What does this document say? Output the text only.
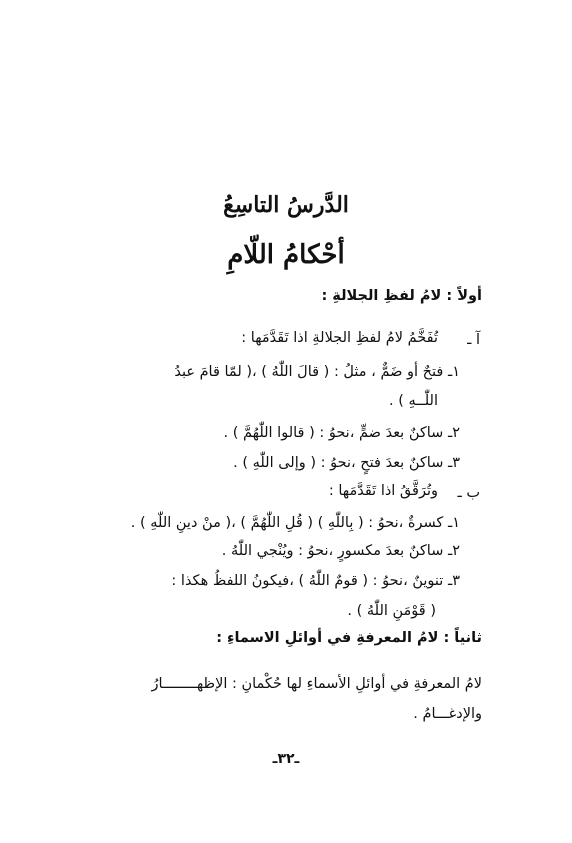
الدَّرسُ التاسِعُ
أحْكامُ اللّامِ
أولاً : لامُ لفظِ الجلالةِ :
آ ـ
تُفَخَّمُ لامُ لفظِ الجلالةِ اذا تَقَدَّمَها :
١ـ فتحٌ أو ضَمٌّ ، مثلُ : ( قالَ اللّٰهُ ) ،( لمّا قامَ عبدُ
اللّٰــهِ ) .
٢ـ ساكنٌ بعدَ ضمٍّ ،نحوُ : ( قالوا اللّٰهُمَّ ) .
٣ـ ساكنٌ بعدَ فتحٍ ،نحوُ : ( وإلى اللّٰهِ ) .
ب ـ
وتُرَقَّقُ اذا تَقَدَّمَها :
١ـ كسرةٌ ،نحوُ : ( بِاللّٰهِ ) ( قُلِ اللّٰهُمَّ ) ،( منْ دينِ اللّٰهِ ) .
٢ـ ساكنٌ بعدَ مكسورٍ ،نحوُ : ويُنْجي اللّٰهُ .
٣ـ تنوينٌ ،نحوُ : ( قومٌ اللّٰهُ ) ،فيكونُ اللفظُ هكذا :
( قَوْمَنِ اللّٰهُ ) .
ثانياً : لامُ المعرفةِ في أوائلِ الاسماءِ :
لامُ المعرفةِ في أوائلِ الأسماءِ لها حُكْمانِ : الإظهــــــــارُ
والإدغـــامُ .
ـ٣٢ـ
